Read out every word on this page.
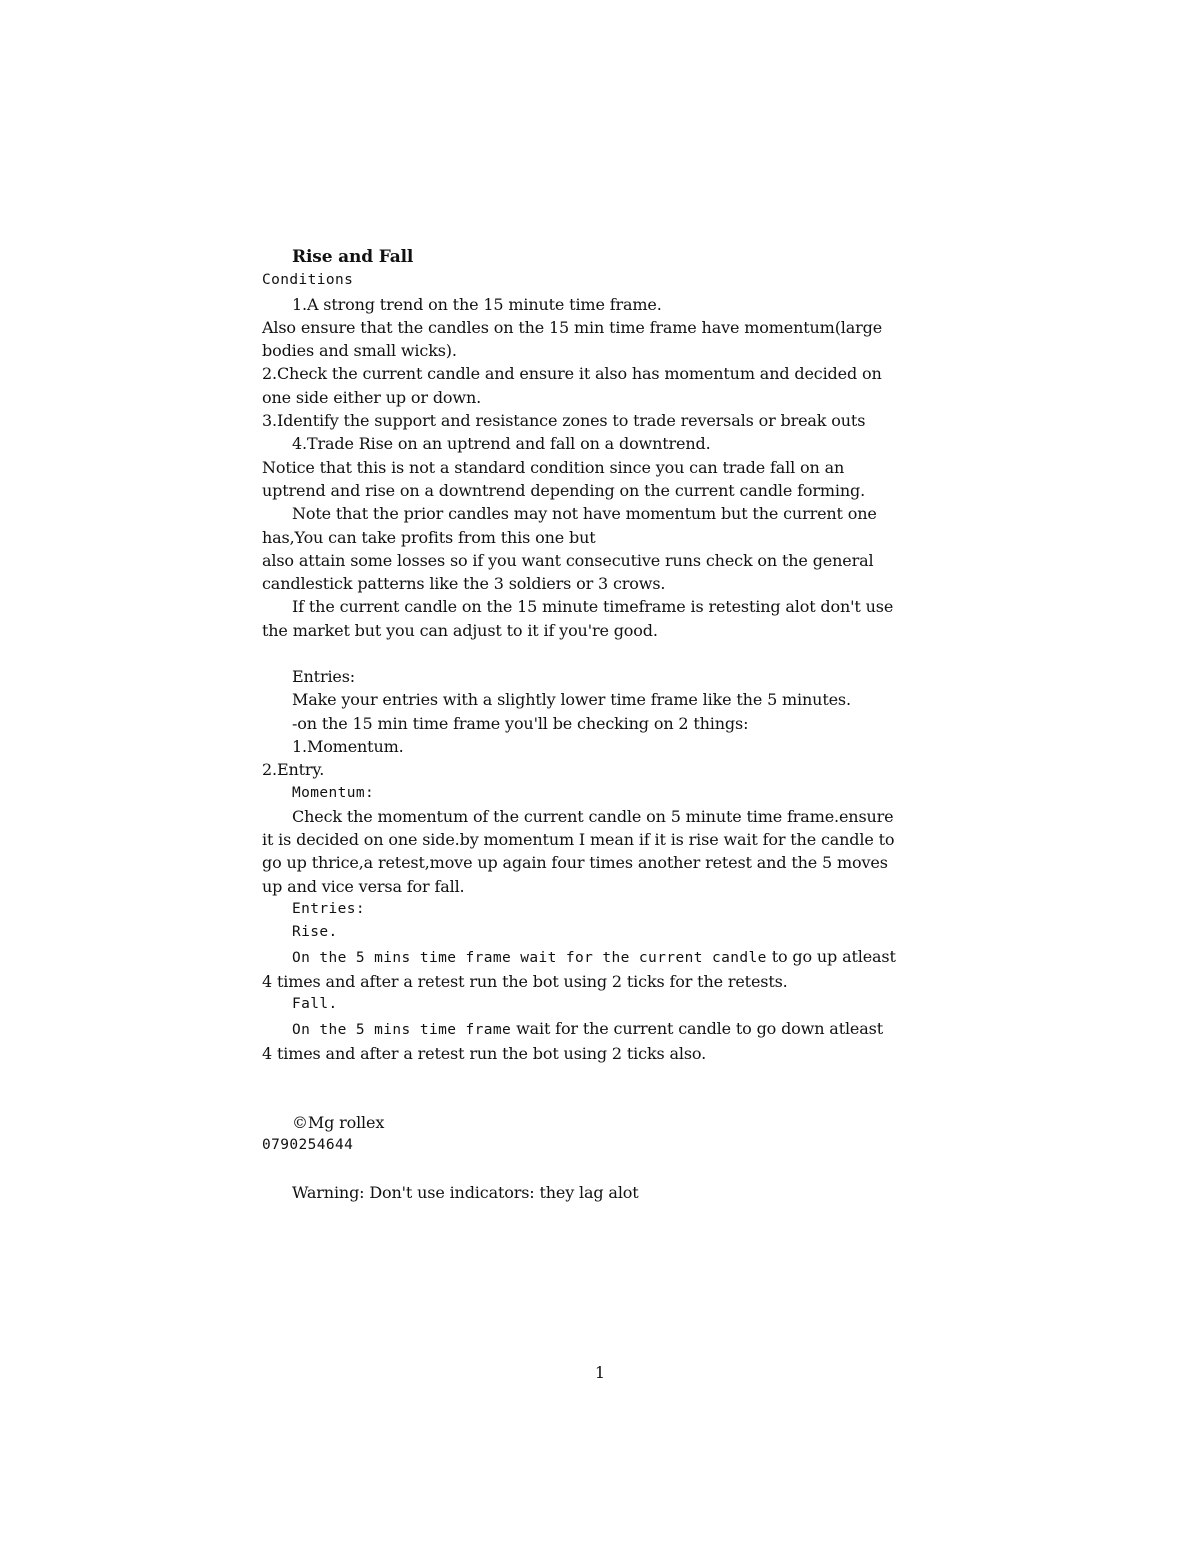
Rise and Fall
Conditions
1.A strong trend on the 15 minute time frame.
Also ensure that the candles on the 15 min time frame have momentum(large
bodies and small wicks).
2.Check the current candle and ensure it also has momentum and decided on
one side either up or down.
3.Identify the support and resistance zones to trade reversals or break outs
4.Trade Rise on an uptrend and fall on a downtrend.
Notice that this is not a standard condition since you can trade fall on an
uptrend and rise on a downtrend depending on the current candle forming.
Note that the prior candles may not have momentum but the current one
has,You can take profits from this one but
also attain some losses so if you want consecutive runs check on the general
candlestick patterns like the 3 soldiers or 3 crows.
If the current candle on the 15 minute timeframe is retesting alot don't use
the market but you can adjust to it if you're good.
Entries:
Make your entries with a slightly lower time frame like the 5 minutes.
-on the 15 min time frame you'll be checking on 2 things:
1.Momentum.
2.Entry.
Momentum:
Check the momentum of the current candle on 5 minute time frame.ensure
it is decided on one side.by momentum I mean if it is rise wait for the candle to
go up thrice,a retest,move up again four times another retest and the 5 moves
up and vice versa for fall.
Entries:
Rise.
On the 5 mins time frame wait for the current candle to go up atleast
4 times and after a retest run the bot using 2 ticks for the retests.
Fall.
On the 5 mins time frame wait for the current candle to go down atleast
4 times and after a retest run the bot using 2 ticks also.
©Mg rollex
0790254644
Warning: Don't use indicators: they lag alot
1
